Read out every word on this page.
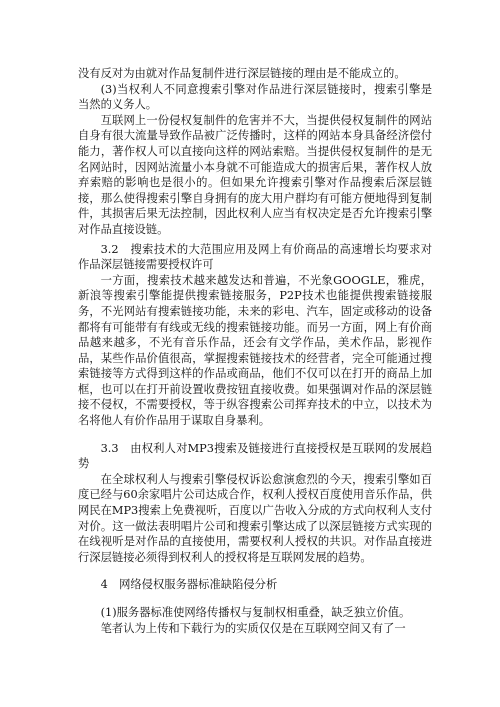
没有反对为由就对作品复制件进行深层链接的理由是不能成立的。

(3)当权利人不同意搜索引擎对作品进行深层链接时，搜索引擎是当然的义务人。

互联网上一份侵权复制件的危害并不大，当提供侵权复制件的网站自身有很大流量导致作品被广泛传播时，这样的网站本身具备经济偿付能力，著作权人可以直接向这样的网站索赔。当提供侵权复制件的是无名网站时，因网站流量小本身就不可能造成大的损害后果，著作权人放弃索赔的影响也是很小的。但如果允许搜索引擎对作品搜索后深层链接，那么使得搜索引擎自身拥有的庞大用户群均有可能方便地得到复制件，其损害后果无法控制，因此权利人应当有权决定是否允许搜索引擎对作品直接设链。

3.2　搜索技术的大范围应用及网上有价商品的高速增长均要求对作品深层链接需要授权许可

一方面，搜索技术越来越发达和普遍，不光象GOOGLE，雅虎，新浪等搜索引擎能提供搜索链接服务，P2P技术也能提供搜索链接服务，不光网站有搜索链接功能，未来的彩电、汽车，固定或移动的设备都将有可能带有有线或无线的搜索链接功能。而另一方面，网上有价商品越来越多，不光有音乐作品，还会有文学作品，美术作品，影视作品，某些作品价值很高，掌握搜索链接技术的经营者，完全可能通过搜索链接等方式得到这样的作品或商品，他们不仅可以在打开的商品上加框，也可以在打开前设置收费按钮直接收费。如果强调对作品的深层链接不侵权，不需要授权，等于纵容搜索公司挥弃技术的中立，以技术为名将他人有价作品用于谋取自身暴利。

3.3　由权利人对MP3搜索及链接进行直接授权是互联网的发展趋势

在全球权利人与搜索引擎侵权诉讼愈演愈烈的今天，搜索引擎如百度已经与60余家唱片公司达成合作，权利人授权百度使用音乐作品，供网民在MP3搜索上免费视听，百度以广告收入分成的方式向权利人支付对价。这一做法表明唱片公司和搜索引擎达成了以深层链接方式实现的在线视听是对作品的直接使用，需要权利人授权的共识。对作品直接进行深层链接必须得到权利人的授权将是互联网发展的趋势。

4　网络侵权服务器标准缺陷侵分析

(1)服务器标准使网络传播权与复制权相重叠，缺乏独立价值。

笔者认为上传和下载行为的实质仅仅是在互联网空间又有了一
